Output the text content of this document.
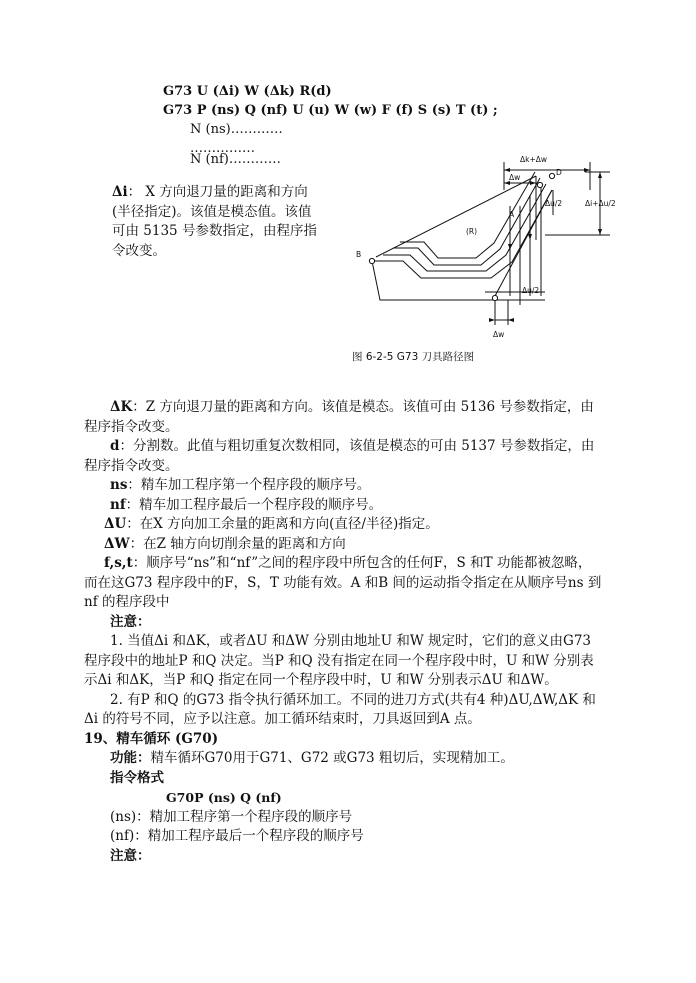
G73 U (Δi) W (Δk) R(d)
G73 P (ns) Q (nf) U (u) W (w) F (f) S (s) T (t) ;
N (ns)…………
……………
N (nf)…………
Δi： X 方向退刀量的距离和方向
(半径指定)。该值是模态值。该值
可由 5135 号参数指定，由程序指
令改变。
Δk+Δw
Δw
D
A
(R)
B
Δi+Δu/2
Δu/2
Δu/2
Δw
图 6-2-5 G73 刀具路径图
ΔK：Z 方向退刀量的距离和方向。该值是模态。该值可由 5136 号参数指定，由
程序指令改变。
d：分割数。此值与粗切重复次数相同，该值是模态的可由 5137 号参数指定，由
程序指令改变。
ns：精车加工程序第一个程序段的顺序号。
nf：精车加工程序最后一个程序段的顺序号。
ΔU：在X 方向加工余量的距离和方向(直径/半径)指定。
ΔW：在Z 轴方向切削余量的距离和方向
f,s,t：顺序号“ns”和“nf”之间的程序段中所包含的任何F，S 和T 功能都被忽略，
而在这G73 程序段中的F，S，T 功能有效。A 和B 间的运动指令指定在从顺序号ns 到
nf 的程序段中
注意：
1. 当值Δi 和ΔK，或者ΔU 和ΔW 分别由地址U 和W 规定时，它们的意义由G73
程序段中的地址P 和Q 决定。当P 和Q 没有指定在同一个程序段中时，U 和W 分别表
示Δi 和ΔK，当P 和Q 指定在同一个程序段中时，U 和W 分别表示ΔU 和ΔW。
2. 有P 和Q 的G73 指令执行循环加工。不同的进刀方式(共有4 种)ΔU,ΔW,ΔK 和
Δi 的符号不同，应予以注意。加工循环结束时，刀具返回到A 点。
19、精车循环 (G70)
功能：精车循环G70用于G71、G72 或G73 粗切后，实现精加工。
指令格式
G70P (ns) Q (nf)
(ns)：精加工程序第一个程序段的顺序号
(nf)：精加工程序最后一个程序段的顺序号
注意：
